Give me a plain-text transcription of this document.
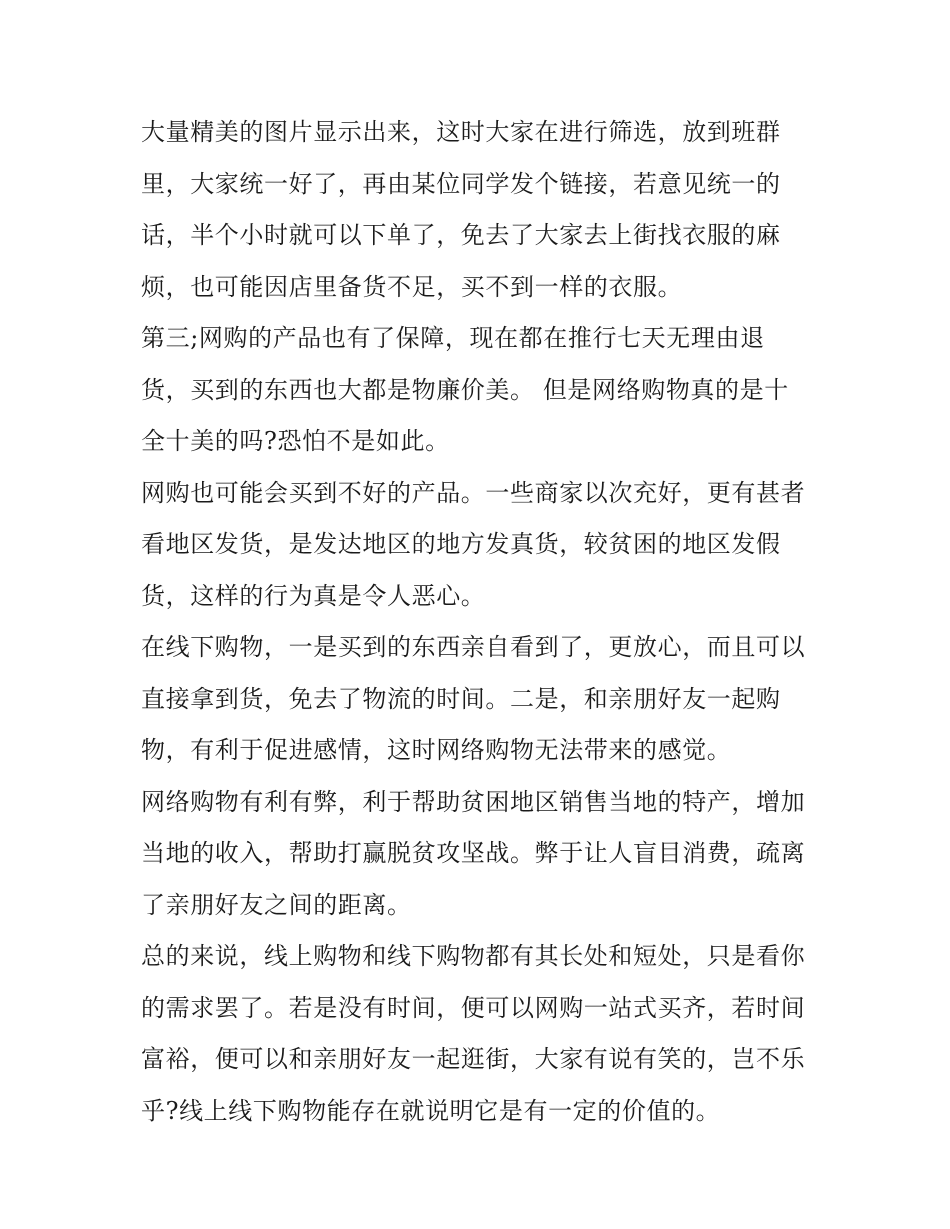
大量精美的图片显示出来，这时大家在进行筛选，放到班群
里，大家统一好了，再由某位同学发个链接，若意见统一的
话，半个小时就可以下单了，免去了大家去上街找衣服的麻
烦，也可能因店里备货不足，买不到一样的衣服。
第三;网购的产品也有了保障，现在都在推行七天无理由退
货，买到的东西也大都是物廉价美。 但是网络购物真的是十
全十美的吗?恐怕不是如此。
网购也可能会买到不好的产品。一些商家以次充好，更有甚者
看地区发货，是发达地区的地方发真货，较贫困的地区发假
货，这样的行为真是令人恶心。
在线下购物，一是买到的东西亲自看到了，更放心，而且可以
直接拿到货，免去了物流的时间。二是，和亲朋好友一起购
物，有利于促进感情，这时网络购物无法带来的感觉。
网络购物有利有弊，利于帮助贫困地区销售当地的特产，增加
当地的收入，帮助打赢脱贫攻坚战。弊于让人盲目消费，疏离
了亲朋好友之间的距离。
总的来说，线上购物和线下购物都有其长处和短处，只是看你
的需求罢了。若是没有时间，便可以网购一站式买齐，若时间
富裕，便可以和亲朋好友一起逛街，大家有说有笑的，岂不乐
乎?线上线下购物能存在就说明它是有一定的价值的。
